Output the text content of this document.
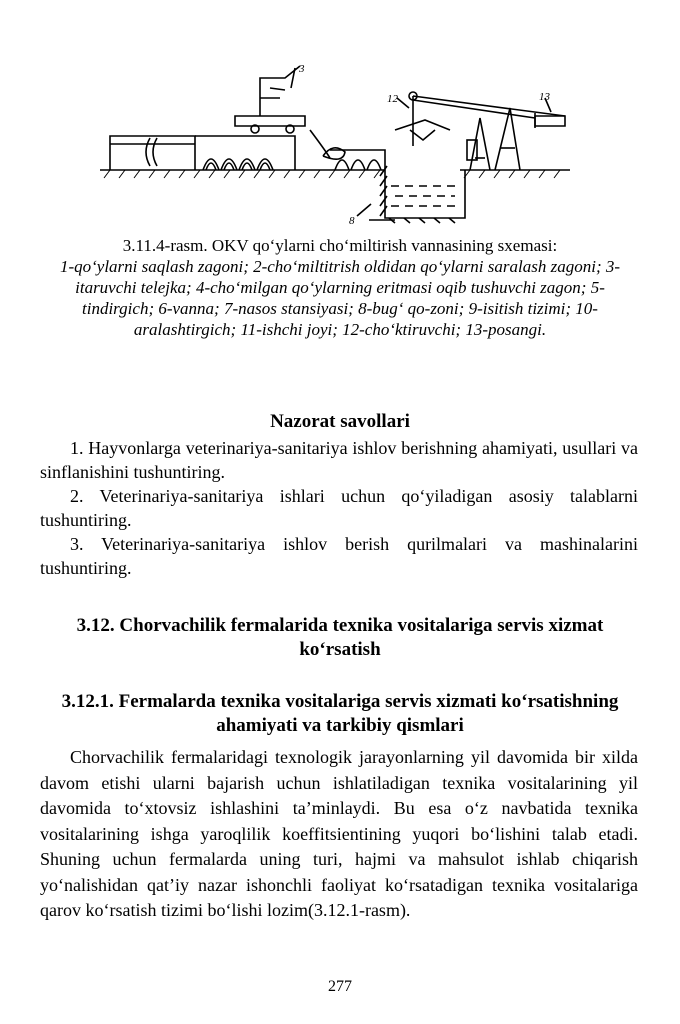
3
12	13
8
3.11.4-rasm. OKV qo‘ylarni cho‘miltirish vannasining sxemasi:
1-qo‘ylarni saqlash zagoni; 2-cho‘miltitrish oldidan qo‘ylarni saralash zagoni; 3-itaruvchi telejka; 4-cho‘milgan qo‘ylarning eritmasi oqib tushuvchi zagon; 5-tindirgich; 6-vanna; 7-nasos stansiyasi; 8-bug‘ qo-zoni; 9-isitish tizimi; 10-aralashtirgich; 11-ishchi joyi; 12-cho‘ktiruvchi; 13-posangi.
Nazorat savollari

1. Hayvonlarga veterinariya-sanitariya ishlov berishning ahamiyati, usullari va sinflanishini tushuntiring.

2. Veterinariya-sanitariya ishlari uchun qo‘yiladigan asosiy talablarni tushuntiring.

3. Veterinariya-sanitariya ishlov berish qurilmalari va mashinalarini tushuntiring.

3.12. Chorvachilik fermalarida texnika vositalariga servis xizmat ko‘rsatish
3.12.1. Fermalarda texnika vositalariga servis xizmati ko‘rsatishning ahamiyati va tarkibiy qismlari

Chorvachilik fermalaridagi texnologik jarayonlarning yil davomida bir xilda davom etishi ularni bajarish uchun ishlatiladigan texnika vositalarining yil davomida to‘xtovsiz ishlashini ta’minlaydi. Bu esa o‘z navbatida texnika vositalarining ishga yaroqlilik koeffitsientining yuqori bo‘lishini talab etadi. Shuning uchun fermalarda uning turi, hajmi va mahsulot ishlab chiqarish yo‘nalishidan qat’iy nazar ishonchli faoliyat ko‘rsatadigan texnika vositalariga qarov ko‘rsatish tizimi bo‘lishi lozim(3.12.1-rasm).

277
